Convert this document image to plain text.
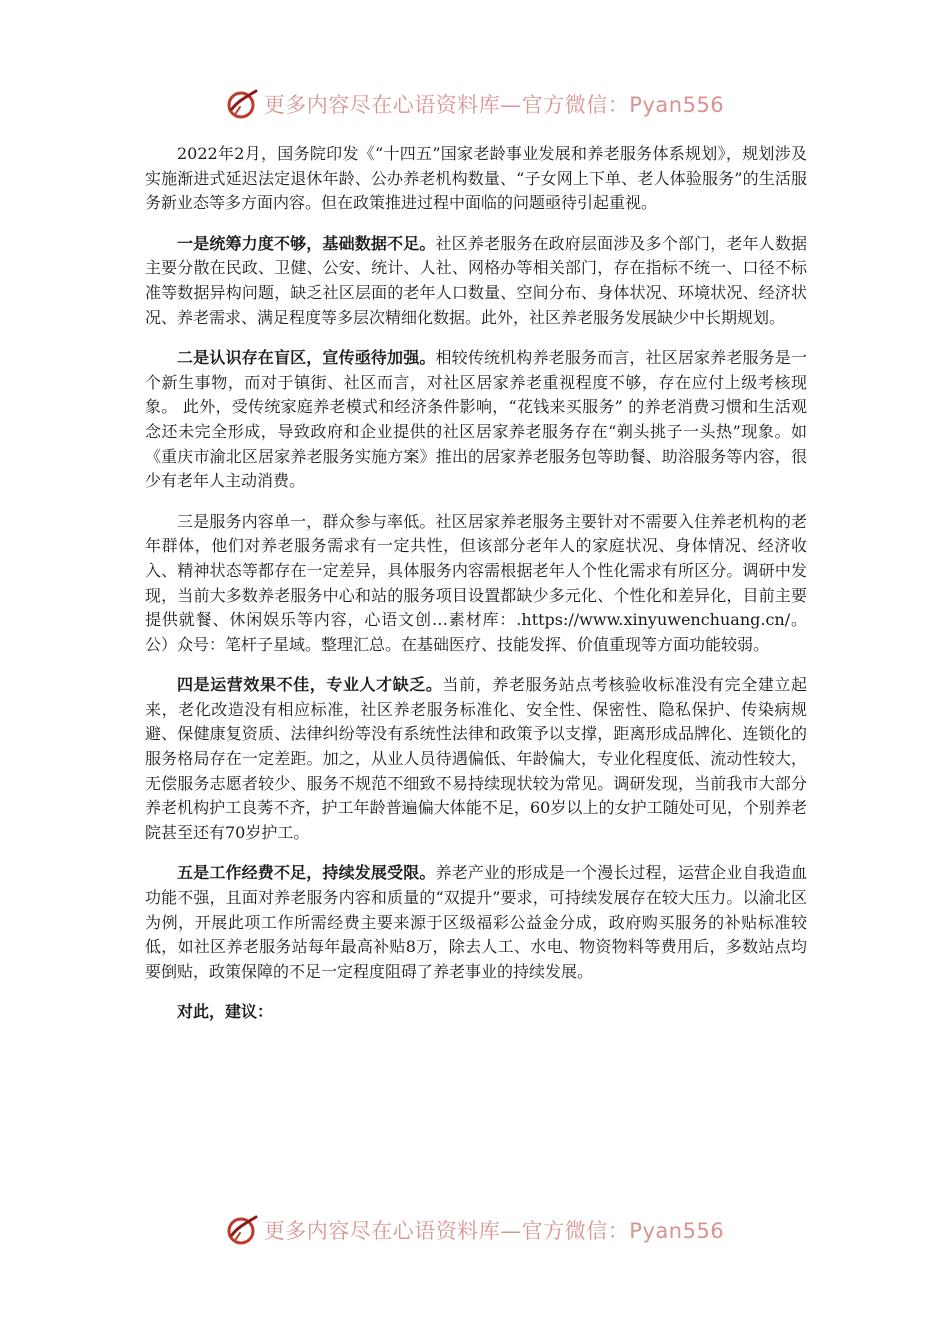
更多内容尽在心语资料库—官方微信：Pyan556

2022年2月，国务院印发《“十四五”国家老龄事业发展和养老服务体系规划》，规划涉及实施渐进式延迟法定退休年龄、公办养老机构数量、“子女网上下单、老人体验服务”的生活服务新业态等多方面内容。但在政策推进过程中面临的问题亟待引起重视。

一是统筹力度不够，基础数据不足。社区养老服务在政府层面涉及多个部门，老年人数据主要分散在民政、卫健、公安、统计、人社、网格办等相关部门，存在指标不统一、口径不标准等数据异构问题，缺乏社区层面的老年人口数量、空间分布、身体状况、环境状况、经济状况、养老需求、满足程度等多层次精细化数据。此外，社区养老服务发展缺少中长期规划。

二是认识存在盲区，宣传亟待加强。相较传统机构养老服务而言，社区居家养老服务是一个新生事物，而对于镇街、社区而言，对社区居家养老重视程度不够，存在应付上级考核现象。 此外，受传统家庭养老模式和经济条件影响，“花钱来买服务” 的养老消费习惯和生活观念还未完全形成，导致政府和企业提供的社区居家养老服务存在“剃头挑子一头热”现象。如《重庆市渝北区居家养老服务实施方案》推出的居家养老服务包等助餐、助浴服务等内容，很少有老年人主动消费。

三是服务内容单一，群众参与率低。社区居家养老服务主要针对不需要入住养老机构的老年群体，他们对养老服务需求有一定共性，但该部分老年人的家庭状况、身体情况、经济收入、精神状态等都存在一定差异，具体服务内容需根据老年人个性化需求有所区分。调研中发现，当前大多数养老服务中心和站的服务项目设置都缺少多元化、个性化和差异化，目前主要提供就餐、休闲娱乐等内容，心语文创…素材库：.https://www.xinyuwenchuang.cn/。公）众号：笔杆子星域。整理汇总。在基础医疗、技能发挥、价值重现等方面功能较弱。

四是运营效果不佳，专业人才缺乏。当前，养老服务站点考核验收标准没有完全建立起来，老化改造没有相应标准，社区养老服务标准化、安全性、保密性、隐私保护、传染病规避、保健康复资质、法律纠纷等没有系统性法律和政策予以支撑，距离形成品牌化、连锁化的服务格局存在一定差距。加之，从业人员待遇偏低、年龄偏大，专业化程度低、流动性较大，无偿服务志愿者较少、服务不规范不细致不易持续现状较为常见。调研发现，当前我市大部分养老机构护工良莠不齐，护工年龄普遍偏大体能不足，60岁以上的女护工随处可见，个别养老院甚至还有70岁护工。

五是工作经费不足，持续发展受限。养老产业的形成是一个漫长过程，运营企业自我造血功能不强，且面对养老服务内容和质量的“双提升”要求，可持续发展存在较大压力。以渝北区为例，开展此项工作所需经费主要来源于区级福彩公益金分成，政府购买服务的补贴标准较低，如社区养老服务站每年最高补贴8万，除去人工、水电、物资物料等费用后，多数站点均要倒贴，政策保障的不足一定程度阻碍了养老事业的持续发展。

对此，建议：

更多内容尽在心语资料库—官方微信：Pyan556
